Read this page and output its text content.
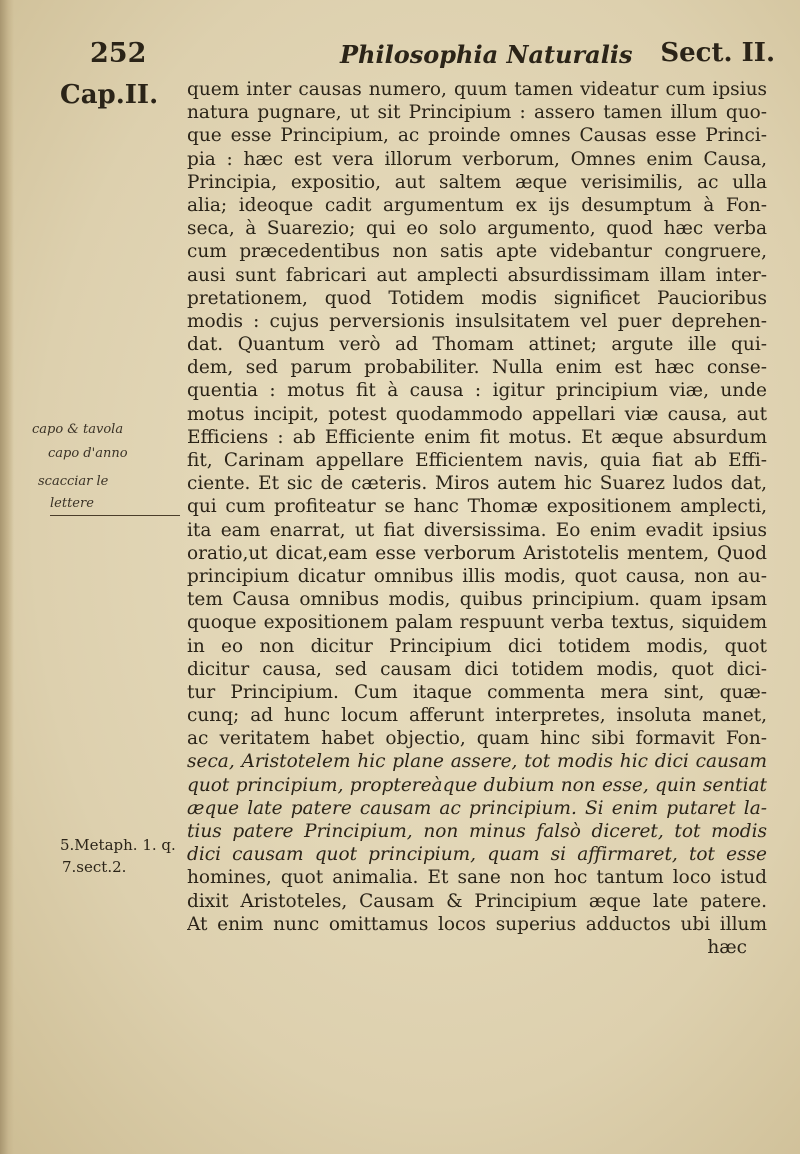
252	Philosophia Naturalis Sect. II.
Cap.II. quem inter causas numero, quum tamen videatur cum ipsius
natura pugnare, ut sit Principium : assero tamen illum quo-
que esse Principium, ac proinde omnes Causas esse Princi-
pia : hæc est vera illorum verborum, Omnes enim Causa,
Principia, expositio, aut saltem æque verisimilis, ac ulla
alia; ideoque cadit argumentum ex ijs desumptum à Fon-
seca, à Suarezio; qui eo solo argumento, quod hæc verba
cum præcedentibus non satis apte videbantur congruere,
ausi sunt fabricari aut amplecti absurdissimam illam inter-
pretationem, quod Totidem modis significet Paucioribus
modis : cujus perversionis insulsitatem vel puer deprehen-
dat. Quantum verò ad Thomam attinet; argute ille qui-
dem, sed parum probabiliter. Nulla enim est hæc conse-
quentia : motus fit à causa : igitur principium viæ, unde
motus incipit, potest quodammodo appellari viæ causa, aut
Efficiens : ab Efficiente enim fit motus. Et æque absurdum
fit, Carinam appellare Efficientem navis, quia fiat ab Effi-
ciente. Et sic de cæteris. Miros autem hic Suarez ludos dat,
qui cum profiteatur se hanc Thomæ expositionem amplecti,
ita eam enarrat, ut fiat diversissima. Eo enim evadit ipsius
oratio,ut dicat,eam esse verborum Aristotelis mentem, Quod
principium dicatur omnibus illis modis, quot causa, non au-
tem Causa omnibus modis, quibus principium. quam ipsam
quoque expositionem palam respuunt verba textus, siquidem
in eo non dicitur Principium dici totidem modis, quot
dicitur causa, sed causam dici totidem modis, quot dici-
tur Principium. Cum itaque commenta mera sint, quæ-
cunq; ad hunc locum afferunt interpretes, insoluta manet,
ac veritatem habet objectio, quam hinc sibi formavit Fon-
seca, Aristotelem hic plane assere, tot modis hic dici causam
quot principium, proptereàque dubium non esse, quin sentiat
æque late patere causam ac principium. Si enim putaret la-
tius patere Principium, non minus falsò diceret, tot modis
dici causam quot principium, quam si affirmaret, tot esse
homines, quot animalia. Et sane non hoc tantum loco istud
dixit Aristoteles, Causam & Principium æque late patere.
At enim nunc omittamus locos superius adductos ubi illum
hæc
capo & tavola
capo d'anno
scacciar le
lettere
5.Metaph. 1. q.
7.sect.2.
